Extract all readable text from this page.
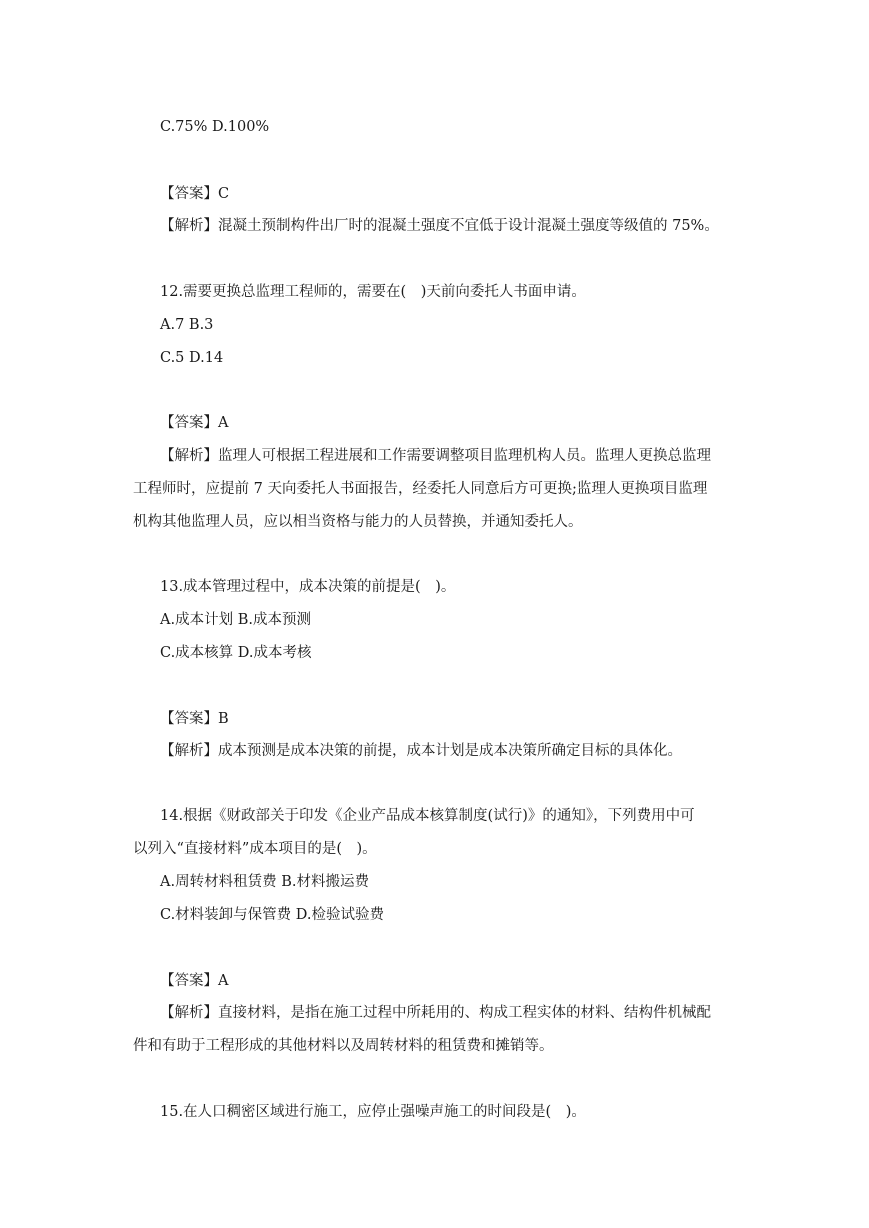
C.75% D.100%
【答案】C
【解析】混凝土预制构件出厂时的混凝土强度不宜低于设计混凝土强度等级值的 75%。
12.需要更换总监理工程师的，需要在(　)天前向委托人书面申请。
A.7 B.3
C.5 D.14
【答案】A
【解析】监理人可根据工程进展和工作需要调整项目监理机构人员。监理人更换总监理
工程师时，应提前 7 天向委托人书面报告，经委托人同意后方可更换;监理人更换项目监理
机构其他监理人员，应以相当资格与能力的人员替换，并通知委托人。
13.成本管理过程中，成本决策的前提是(　)。
A.成本计划 B.成本预测
C.成本核算 D.成本考核
【答案】B
【解析】成本预测是成本决策的前提，成本计划是成本决策所确定目标的具体化。
14.根据《财政部关于印发《企业产品成本核算制度(试行)》的通知》，下列费用中可
以列入“直接材料”成本项目的是(　)。
A.周转材料租赁费 B.材料搬运费
C.材料装卸与保管费 D.检验试验费
【答案】A
【解析】直接材料，是指在施工过程中所耗用的、构成工程实体的材料、结构件机械配
件和有助于工程形成的其他材料以及周转材料的租赁费和摊销等。
15.在人口稠密区域进行施工，应停止强噪声施工的时间段是(　)。
